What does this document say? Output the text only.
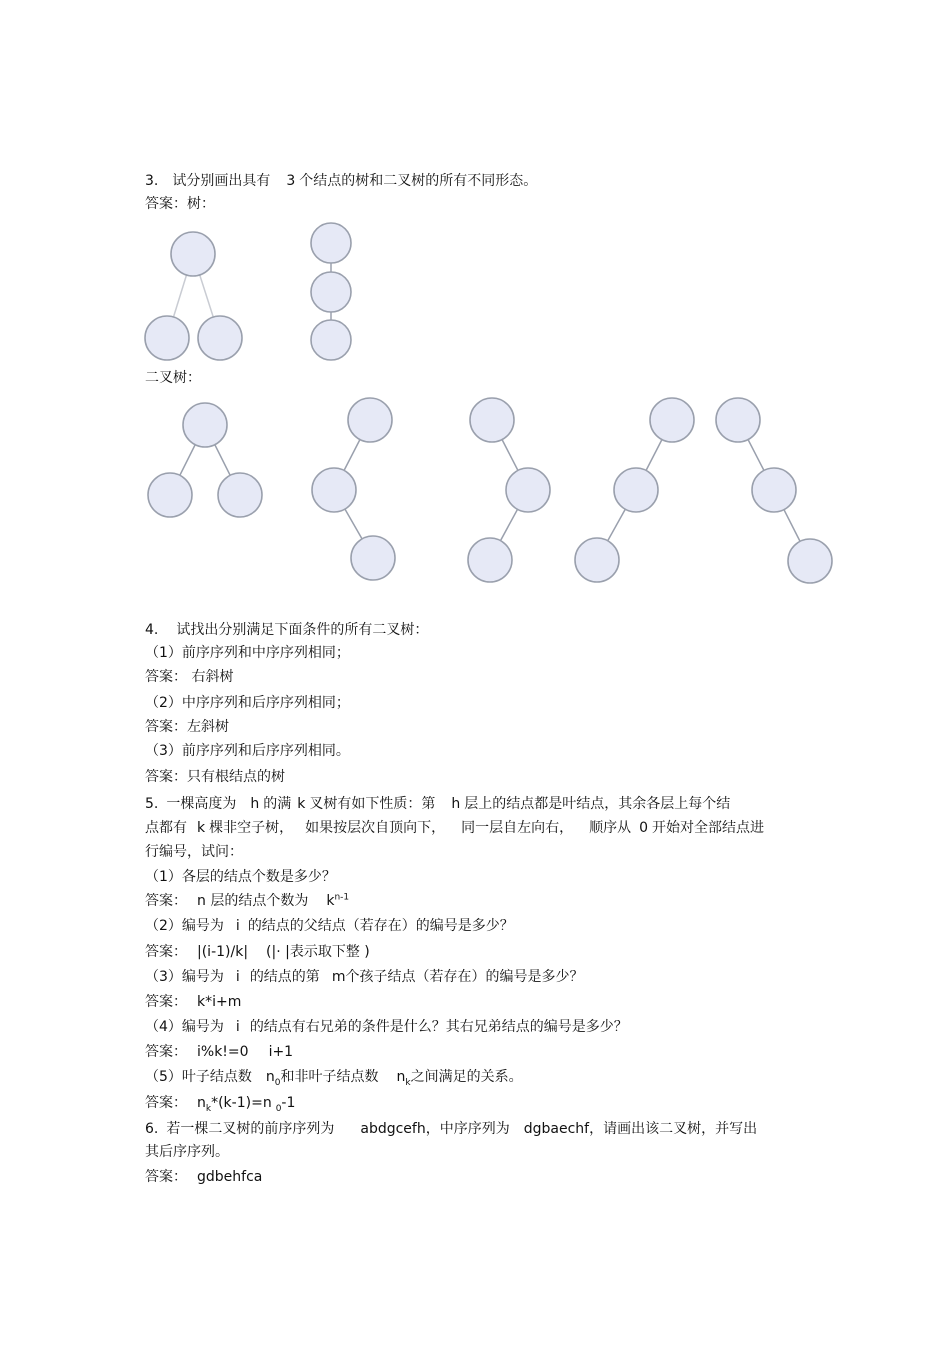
3. 试分别画出具有 3 个结点的树和二叉树的所有不同形态。
答案：树：
二叉树：
4. 试找出分别满足下面条件的所有二叉树：
（1）前序序列和中序序列相同；
答案： 右斜树
（2）中序序列和后序序列相同；
答案：左斜树
（3）前序序列和后序序列相同。
答案：只有根结点的树
5. 一棵高度为 h 的满 k 叉树有如下性质：第 h 层上的结点都是叶结点，其余各层上每个结
点都有 k 棵非空子树， 如果按层次自顶向下， 同一层自左向右， 顺序从 0 开始对全部结点进
行编号，试问：
（1）各层的结点个数是多少？
答案： n 层的结点个数为 $k^{n-1}$
（2）编号为 i 的结点的父结点（若存在）的编号是多少？
答案： |(i-1)/k| (|· |表示取下整 )
（3）编号为 i 的结点的第 m个孩子结点（若存在）的编号是多少？
答案： k*i+m
（4）编号为 i 的结点有右兄弟的条件是什么？其右兄弟结点的编号是多少？
答案： i%k!=0 i+1
（5）叶子结点数 $n_0$和非叶子结点数 $n_k$之间满足的关系。
答案： $n_k*(k-1)=n$ $_0$-1
6. 若一棵二叉树的前序序列为 abdgcefh，中序序列为 dgbaechf，请画出该二叉树，并写出
其后序序列。
答案： gdbehfca
